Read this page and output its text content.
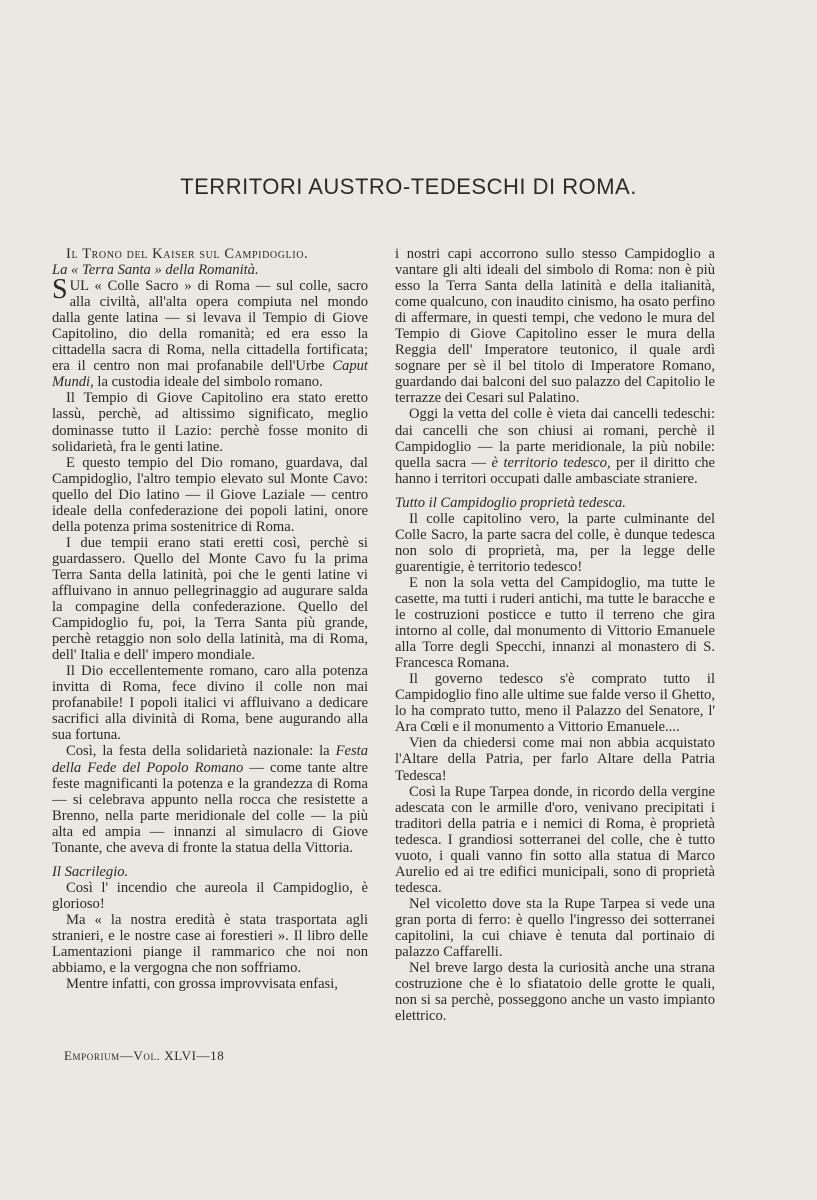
TERRITORI AUSTRO-TEDESCHI DI ROMA.

Il Trono del Kaiser sul Campidoglio.

La « Terra Santa » della Romanità.

SUL « Colle Sacro » di Roma — sul colle, sacro alla civiltà, all'alta opera compiuta nel mondo dalla gente latina — si levava il Tempio di Giove Capitolino, dio della romanità; ed era esso la cittadella sacra di Roma, nella cittadella fortificata; era il centro non mai profanabile dell'Urbe Caput Mundi, la custodia ideale del simbolo romano.

Il Tempio di Giove Capitolino era stato eretto lassù, perchè, ad altissimo significato, meglio dominasse tutto il Lazio: perchè fosse monito di solidarietà, fra le genti latine.

E questo tempio del Dio romano, guardava, dal Campidoglio, l'altro tempio elevato sul Monte Cavo: quello del Dio latino — il Giove Laziale — centro ideale della confederazione dei popoli latini, onore della potenza prima sostenitrice di Roma.

I due tempii erano stati eretti così, perchè si guardassero. Quello del Monte Cavo fu la prima Terra Santa della latinità, poi che le genti latine vi affluivano in annuo pellegrinaggio ad augurare salda la compagine della confederazione. Quello del Campidoglio fu, poi, la Terra Santa più grande, perchè retaggio non solo della latinità, ma di Roma, dell' Italia e dell' impero mondiale.

Il Dio eccellentemente romano, caro alla potenza invitta di Roma, fece divino il colle non mai profanabile! I popoli italici vi affluivano a dedicare sacrifici alla divinità di Roma, bene augurando alla sua fortuna.

Così, la festa della solidarietà nazionale: la Festa della Fede del Popolo Romano — come tante altre feste magnificanti la potenza e la grandezza di Roma — si celebrava appunto nella rocca che resistette a Brenno, nella parte meridionale del colle — la più alta ed ampia — innanzi al simulacro di Giove Tonante, che aveva di fronte la statua della Vittoria.

Il Sacrilegio.

Così l' incendio che aureola il Campidoglio, è glorioso!

Ma « la nostra eredità è stata trasportata agli stranieri, e le nostre case ai forestieri ». Il libro delle Lamentazioni piange il rammarico che noi non abbiamo, e la vergogna che non soffriamo.

Mentre infatti, con grossa improvvisata enfasi,

i nostri capi accorrono sullo stesso Campidoglio a vantare gli alti ideali del simbolo di Roma: non è più esso la Terra Santa della latinità e della italianità, come qualcuno, con inaudito cinismo, ha osato perfino di affermare, in questi tempi, che vedono le mura del Tempio di Giove Capitolino esser le mura della Reggia dell' Imperatore teutonico, il quale ardì sognare per sè il bel titolo di Imperatore Romano, guardando dai balconi del suo palazzo del Capitolio le terrazze dei Cesari sul Palatino.

Oggi la vetta del colle è vieta dai cancelli tedeschi: dai cancelli che son chiusi ai romani, perchè il Campidoglio — la parte meridionale, la più nobile: quella sacra — è territorio tedesco, per il diritto che hanno i territori occupati dalle ambasciate straniere.

Tutto il Campidoglio proprietà tedesca.

Il colle capitolino vero, la parte culminante del Colle Sacro, la parte sacra del colle, è dunque tedesca non solo di proprietà, ma, per la legge delle guarentigie, è territorio tedesco!

E non la sola vetta del Campidoglio, ma tutte le casette, ma tutti i ruderi antichi, ma tutte le baracche e le costruzioni posticce e tutto il terreno che gira intorno al colle, dal monumento di Vittorio Emanuele alla Torre degli Specchi, innanzi al monastero di S. Francesca Romana.

Il governo tedesco s'è comprato tutto il Campidoglio fino alle ultime sue falde verso il Ghetto, lo ha comprato tutto, meno il Palazzo del Senatore, l' Ara Cœli e il monumento a Vittorio Emanuele....

Vien da chiedersi come mai non abbia acquistato l'Altare della Patria, per farlo Altare della Patria Tedesca!

Così la Rupe Tarpea donde, in ricordo della vergine adescata con le armille d'oro, venivano precipitati i traditori della patria e i nemici di Roma, è proprietà tedesca. I grandiosi sotterranei del colle, che è tutto vuoto, i quali vanno fin sotto alla statua di Marco Aurelio ed ai tre edifici municipali, sono di proprietà tedesca.

Nel vicoletto dove sta la Rupe Tarpea si vede una gran porta di ferro: è quello l'ingresso dei sotterranei capitolini, la cui chiave è tenuta dal portinaio di palazzo Caffarelli.

Nel breve largo desta la curiosità anche una strana costruzione che è lo sfiatatoio delle grotte le quali, non si sa perchè, posseggono anche un vasto impianto elettrico.

Emporium—Vol. XLVI—18
